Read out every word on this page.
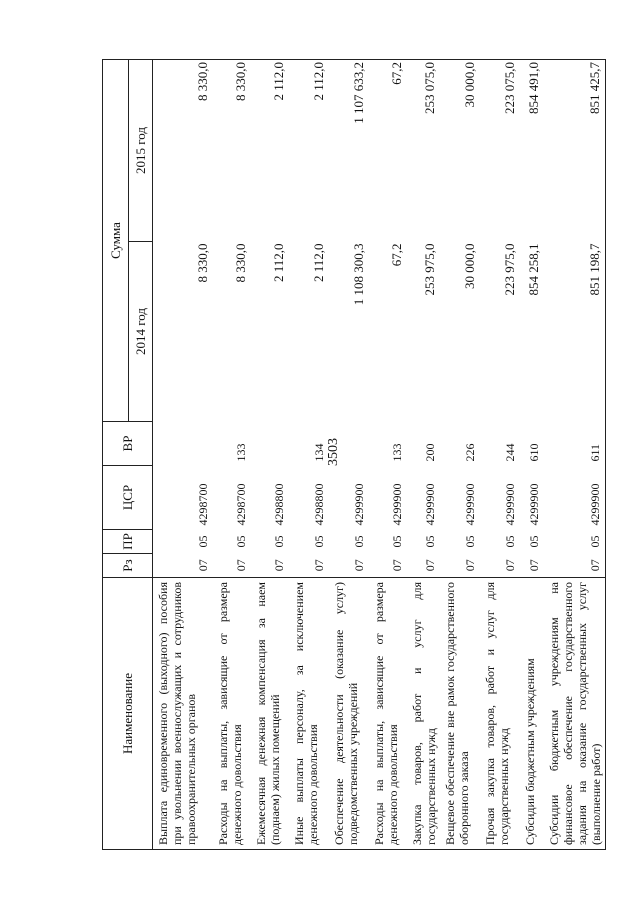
3503
Наименование	Рз	ПР	ЦСР	ВР	Сумма	
					2014 год	2015 год
Выплата единовременного (выходного) пособия при увольнении военнослужащих и сотрудников правоохранительных органов	07	05	4298700		8 330,0	8 330,0
Расходы на выплаты, зависящие от размера денежного довольствия	07	05	4298700	133	8 330,0	8 330,0
Ежемесячная денежная компенсация за наем (поднаем) жилых помещений	07	05	4298800		2 112,0	2 112,0
Иные выплаты персоналу, за исключением денежного довольствия	07	05	4298800	134	2 112,0	2 112,0
Обеспечение деятельности (оказание услуг) подведомственных учреждений	07	05	4299900		1 108 300,3	1 107 633,2
Расходы на выплаты, зависящие от размера денежного довольствия	07	05	4299900	133	67,2	67,2
Закупка товаров, работ и услуг для государственных нужд	07	05	4299900	200	253 975,0	253 075,0
Вещевое обеспечение вне рамок государственного оборонного заказа	07	05	4299900	226	30 000,0	30 000,0
Прочая закупка товаров, работ и услуг для государственных нужд	07	05	4299900	244	223 975,0	223 075,0
Субсидии бюджетным учреждениям	07	05	4299900	610	854 258,1	854 491,0
Субсидии бюджетным учреждениям на финансовое обеспечение государственного задания на оказание государственных услуг (выполнение работ)	07	05	4299900	611	851 198,7	851 425,7
